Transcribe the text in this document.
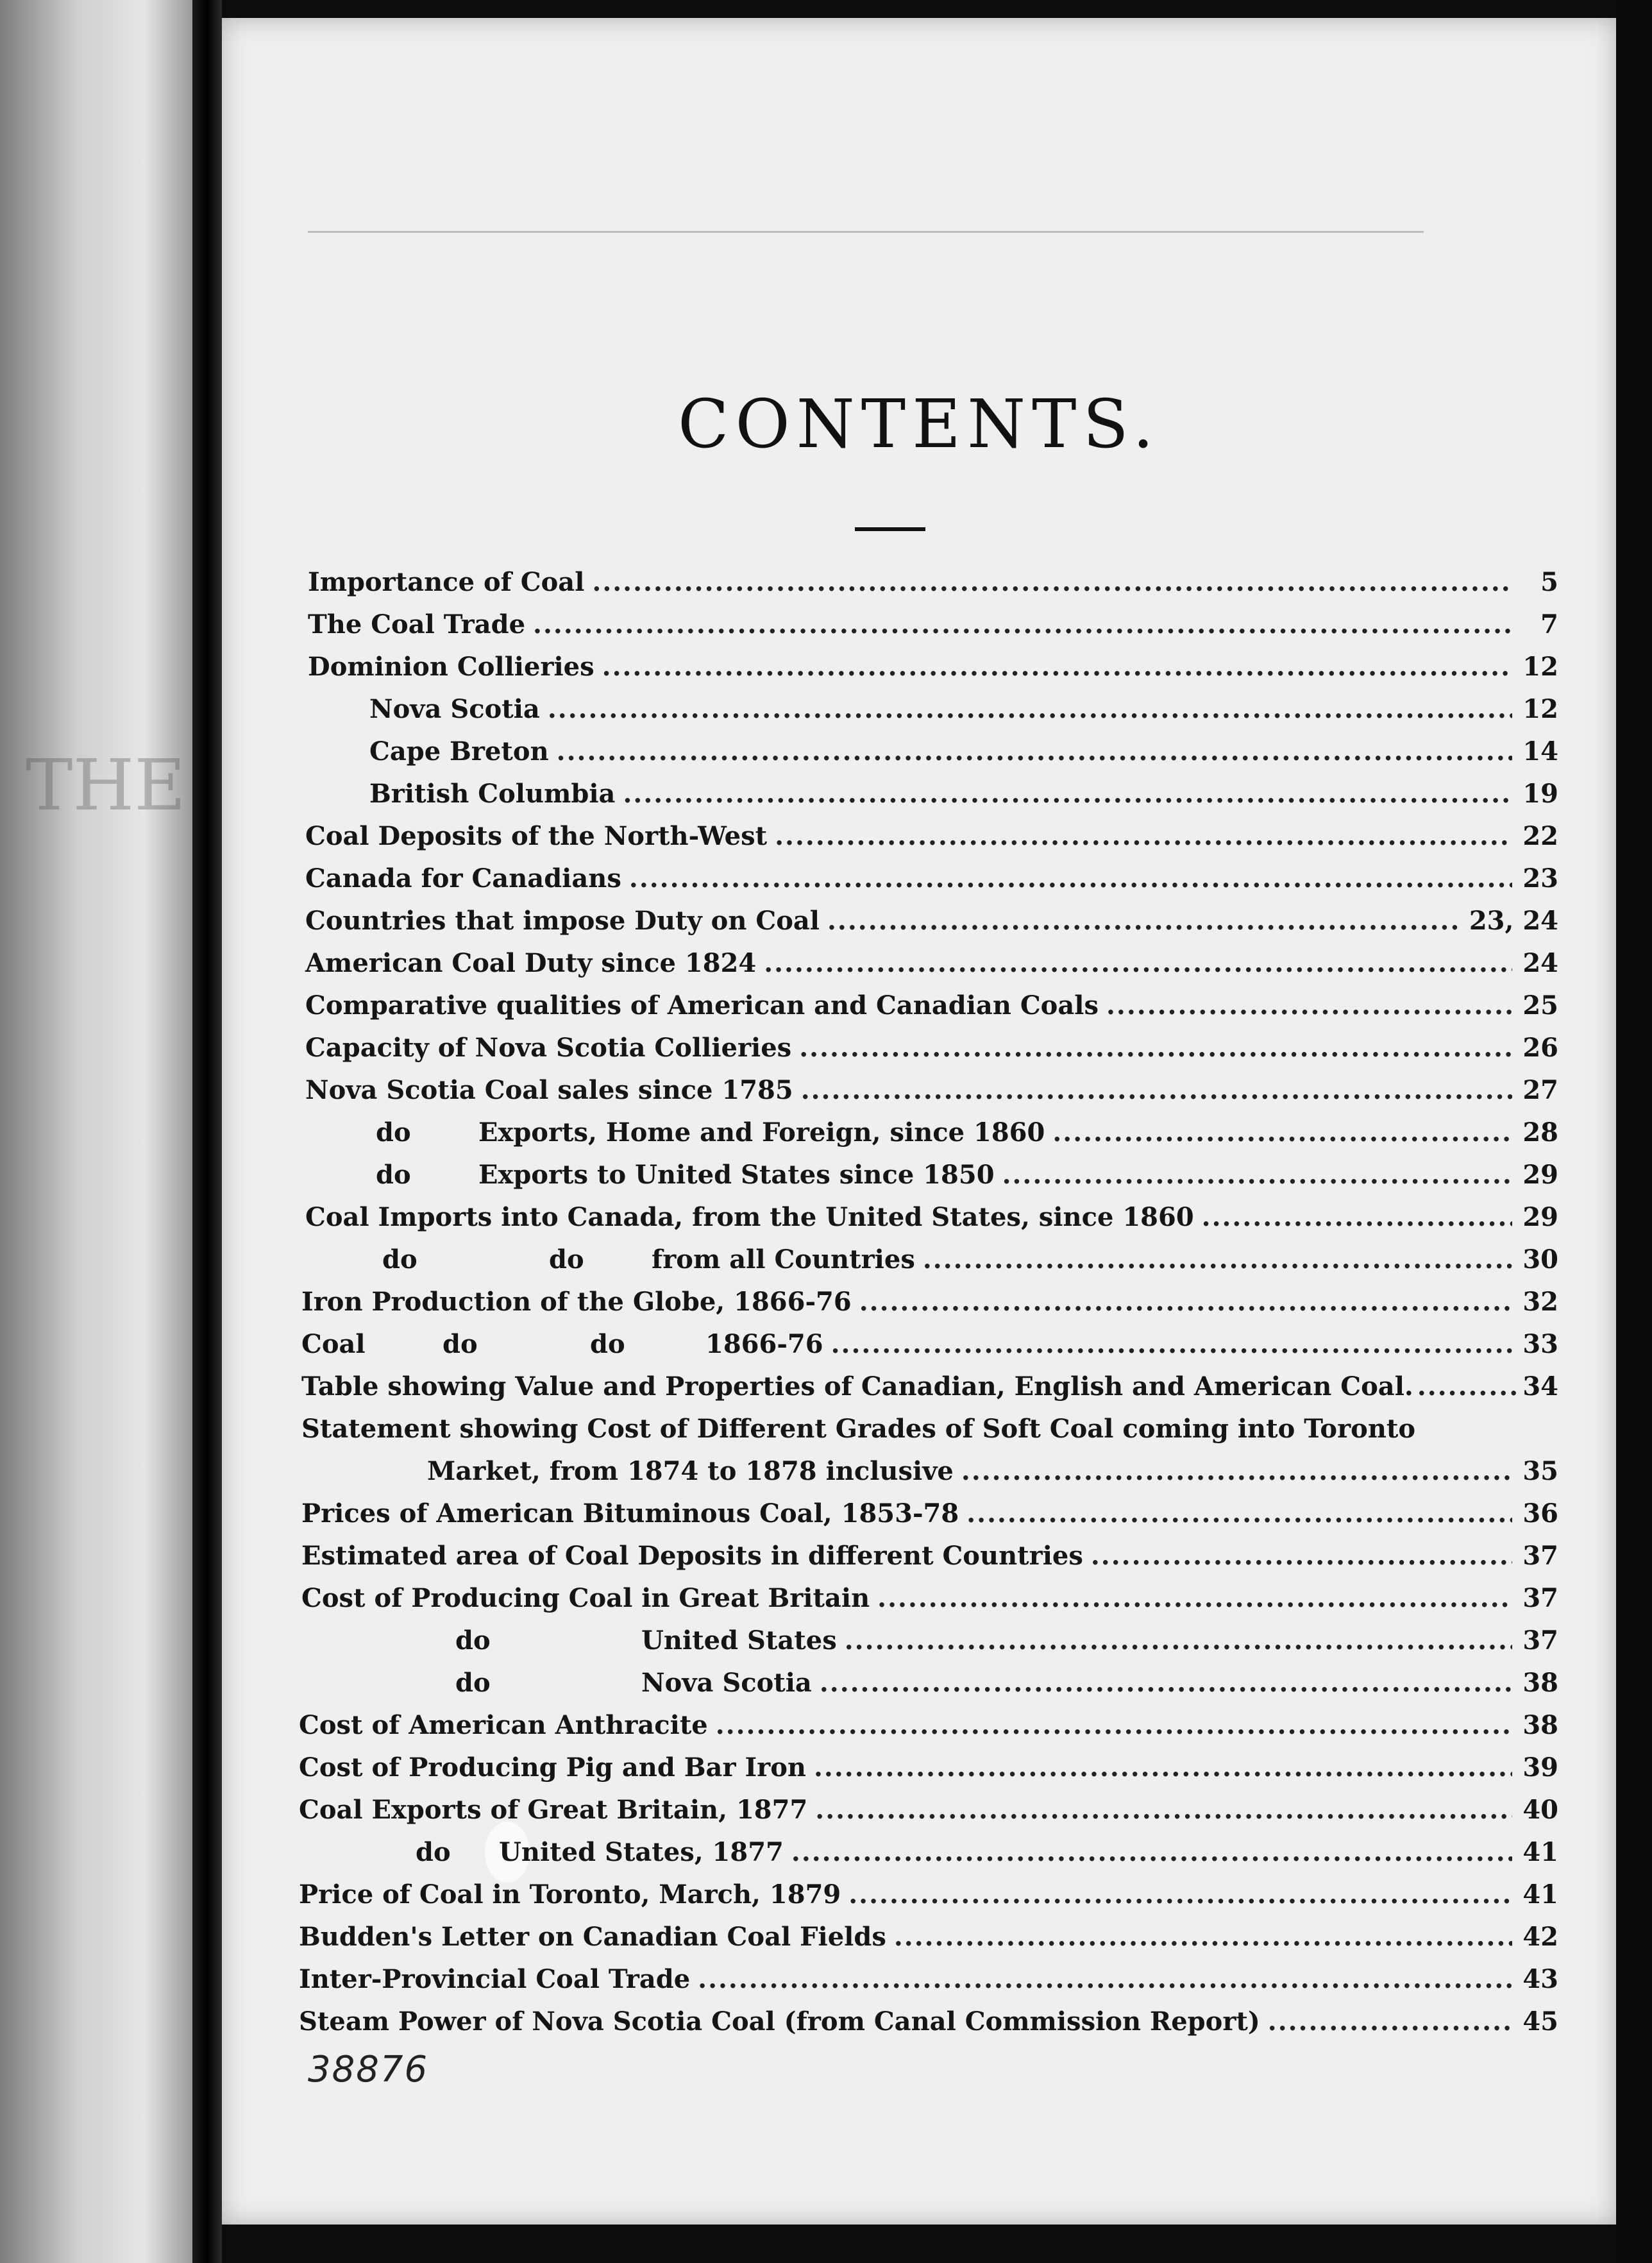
THE
CONTENTS.
Importance of Coal .....	5
The Coal Trade .....	7
Dominion Collieries .....	12
Nova Scotia .....	12
Cape Breton .....	14
British Columbia .....	19
Coal Deposits of the North-West .....	22
Canada for Canadians .....	23
Countries that impose Duty on Coal .....	23, 24
American Coal Duty since 1824 .....	24
Comparative qualities of American and Canadian Coals .....	25
Capacity of Nova Scotia Collieries .....	26
Nova Scotia Coal sales since 1785 .....	27
do	Exports, Home and Foreign, since 1860 .....	28
do	Exports to United States since 1850 .....	29
Coal Imports into Canada, from the United States, since 1860 .....	29
do	do	from all Countries .....	30
Iron Production of the Globe, 1866-76 .....	32
Coal	do	do	1866-76 .....	33
Table showing Value and Properties of Canadian, English and American Coal. .....	34
Statement showing Cost of Different Grades of Soft Coal coming into Toronto
Market, from 1874 to 1878 inclusive .....	35
Prices of American Bituminous Coal, 1853-78 .....	36
Estimated area of Coal Deposits in different Countries .....	37
Cost of Producing Coal in Great Britain .....	37
do	United States .....	37
do	Nova Scotia .....	38
Cost of American Anthracite .....	38
Cost of Producing Pig and Bar Iron .....	39
Coal Exports of Great Britain, 1877 .....	40
do	United States, 1877 .....	41
Price of Coal in Toronto, March, 1879 .....	41
Budden's Letter on Canadian Coal Fields .....	42
Inter-Provincial Coal Trade .....	43
Steam Power of Nova Scotia Coal (from Canal Commission Report) .....	45
38876
